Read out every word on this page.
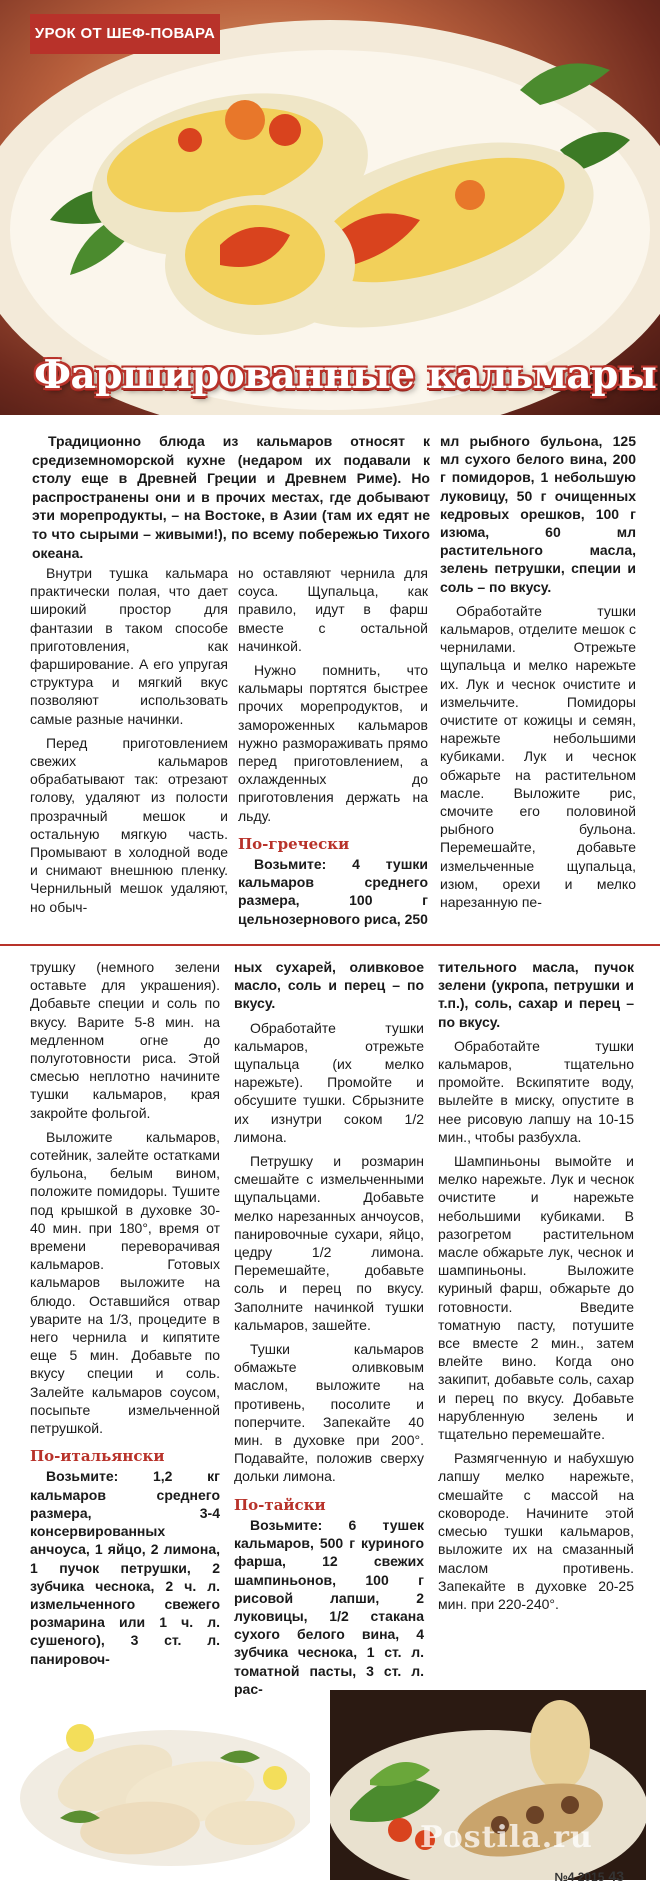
УРОК ОТ ШЕФ-ПОВАРА
Фаршированные кальмары

Традиционно блюда из кальмаров относят к средиземноморской кухне (недаром их подавали к столу еще в Древней Греции и Древнем Риме). Но распространены они и в прочих местах, где добывают эти морепродукты, – на Востоке, в Азии (там их едят не то что сырыми – живыми!), по всему побережью Тихого океана.

Внутри тушка кальмара практически полая, что дает широкий простор для фантазии в таком способе приготовления, как фарширование. А его упругая структура и мягкий вкус позволяют использовать самые разные начинки.

Перед приготовлением свежих кальмаров обрабатывают так: отрезают голову, удаляют из полости прозрачный мешок и остальную мягкую часть. Промывают в холодной воде и снимают внешнюю пленку. Чернильный мешок удаляют, но обыч-

но оставляют чернила для соуса. Щупальца, как правило, идут в фарш вместе с остальной начинкой.

Нужно помнить, что кальмары портятся быстрее прочих морепродуктов, и замороженных кальмаров нужно размораживать прямо перед приготовлением, а охлажденных до приготовления держать на льду.

По-гречески

Возьмите: 4 тушки кальмаров среднего размера, 100 г цельнозернового риса, 250

мл рыбного бульона, 125 мл сухого белого вина, 200 г помидоров, 1 небольшую луковицу, 50 г очищенных кедровых орешков, 100 г изюма, 60 мл растительного масла, зелень петрушки, специи и соль – по вкусу.

Обработайте тушки кальмаров, отделите мешок с чернилами. Отрежьте щупальца и мелко нарежьте их. Лук и чеснок очистите и измельчите. Помидоры очистите от кожицы и семян, нарежьте небольшими кубиками. Лук и чеснок обжарьте на растительном масле. Выложите рис, смочите его половиной рыбного бульона. Перемешайте, добавьте измельченные щупальца, изюм, орехи и мелко нарезанную пе-

трушку (немного зелени оставьте для украшения). Добавьте специи и соль по вкусу. Варите 5-8 мин. на медленном огне до полуготовности риса. Этой смесью неплотно начините тушки кальмаров, края закройте фольгой.

Выложите кальмаров, сотейник, залейте остатками бульона, белым вином, положите помидоры. Тушите под крышкой в духовке 30-40 мин. при 180°, время от времени переворачивая кальмаров. Готовых кальмаров выложите на блюдо. Оставшийся отвар уварите на 1/3, процедите в него чернила и кипятите еще 5 мин. Добавьте по вкусу специи и соль. Залейте кальмаров соусом, посыпьте измельченной петрушкой.

По-итальянски

Возьмите: 1,2 кг кальмаров среднего размера, 3-4 консервированных анчоуса, 1 яйцо, 2 лимона, 1 пучок петрушки, 2 зубчика чеснока, 2 ч. л. измельченного свежего розмарина или 1 ч. л. сушеного), 3 ст. л. панировоч-

ных сухарей, оливковое масло, соль и перец – по вкусу.

Обработайте тушки кальмаров, отрежьте щупальца (их мелко нарежьте). Промойте и обсушите тушки. Сбрызните их изнутри соком 1/2 лимона.

Петрушку и розмарин смешайте с измельченными щупальцами. Добавьте мелко нарезанных анчоусов, панировочные сухари, яйцо, цедру 1/2 лимона. Перемешайте, добавьте соль и перец по вкусу. Заполните начинкой тушки кальмаров, зашейте.

Тушки кальмаров обмажьте оливковым маслом, выложите на противень, посолите и поперчите. Запекайте 40 мин. в духовке при 200°. Подавайте, положив сверху дольки лимона.

По-тайски

Возьмите: 6 тушек кальмаров, 500 г куриного фарша, 12 свежих шампиньонов, 100 г рисовой лапши, 2 луковицы, 1/2 стакана сухого белого вина, 4 зубчика чеснока, 1 ст. л. томатной пасты, 3 ст. л. рас-

тительного масла, пучок зелени (укропа, петрушки и т.п.), соль, сахар и перец – по вкусу.

Обработайте тушки кальмаров, тщательно промойте. Вскипятите воду, вылейте в миску, опустите в нее рисовую лапшу на 10-15 мин., чтобы разбухла.

Шампиньоны вымойте и мелко нарежьте. Лук и чеснок очистите и нарежьте небольшими кубиками. В разогретом растительном масле обжарьте лук, чеснок и шампиньоны. Выложите куриный фарш, обжарьте до готовности. Введите томатную пасту, потушите все вместе 2 мин., затем влейте вино. Когда оно закипит, добавьте соль, сахар и перец по вкусу. Добавьте нарубленную зелень и тщательно перемешайте.

Размягченную и набухшую лапшу мелко нарежьте, смешайте с массой на сковороде. Начините этой смесью тушки кальмаров, выложите их на смазанный маслом противень. Запекайте в духовке 20-25 мин. при 220-240°.

Postila.ru
№4 2015 43
